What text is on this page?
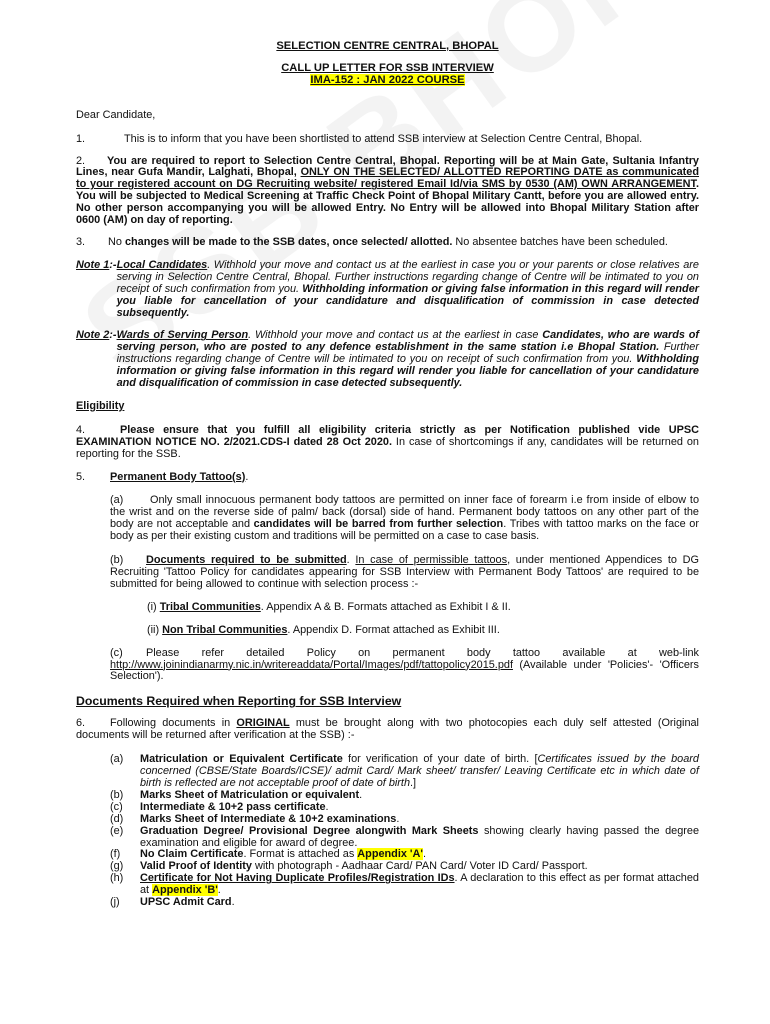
SELECTION CENTRE CENTRAL, BHOPAL

CALL UP LETTER FOR SSB INTERVIEW

IMA-152 : JAN 2022 COURSE

Dear Candidate,

1.	This is to inform that you have been shortlisted to attend SSB interview at Selection Centre Central, Bhopal.

2. You are required to report to Selection Centre Central, Bhopal. Reporting will be at Main Gate, Sultania Infantry Lines, near Gufa Mandir, Lalghati, Bhopal, ONLY ON THE SELECTED/ ALLOTTED REPORTING DATE as communicated to your registered account on DG Recruiting website/ registered Email Id/via SMS by 0530 (AM) OWN ARRANGEMENT. You will be subjected to Medical Screening at Traffic Check Point of Bhopal Military Cantt, before you are allowed entry. No other person accompanying you will be allowed Entry. No Entry will be allowed into Bhopal Military Station after 0600 (AM) on day of reporting.

3. No changes will be made to the SSB dates, once selected/ allotted. No absentee batches have been scheduled.

Note 1:- Local Candidates. Withhold your move and contact us at the earliest in case you or your parents or close relatives are serving in Selection Centre Central, Bhopal. Further instructions regarding change of Centre will be intimated to you on receipt of such confirmation from you. Withholding information or giving false information in this regard will render you liable for cancellation of your candidature and disqualification of commission in case detected subsequently.
Note 2:- Wards of Serving Person. Withhold your move and contact us at the earliest in case Candidates, who are wards of serving person, who are posted to any defence establishment in the same station i.e Bhopal Station. Further instructions regarding change of Centre will be intimated to you on receipt of such confirmation from you. Withholding information or giving false information in this regard will render you liable for cancellation of your candidature and disqualification of commission in case detected subsequently.

Eligibility

4.	Please ensure that you fulfill all eligibility criteria strictly as per Notification published vide UPSC EXAMINATION NOTICE NO. 2/2021.CDS-I dated 28 Oct 2020. In case of shortcomings if any, candidates will be returned on reporting for the SSB.

5. Permanent Body Tattoo(s).

(a) Only small innocuous permanent body tattoos are permitted on inner face of forearm i.e from inside of elbow to the wrist and on the reverse side of palm/ back (dorsal) side of hand. Permanent body tattoos on any other part of the body are not acceptable and candidates will be barred from further selection. Tribes with tattoo marks on the face or body as per their existing custom and traditions will be permitted on a case to case basis.

(b) Documents required to be submitted. In case of permissible tattoos, under mentioned Appendices to DG Recruiting 'Tattoo Policy for candidates appearing for SSB Interview with Permanent Body Tattoos' are required to be submitted for being allowed to continue with selection process :-

(i) Tribal Communities. Appendix A & B. Formats attached as Exhibit I & II.

(ii) Non Tribal Communities. Appendix D. Format attached as Exhibit III.

(c) Please refer detailed Policy on permanent body tattoo available at web-link http://www.joinindianarmy.nic.in/writereaddata/Portal/Images/pdf/tattopolicy2015.pdf (Available under 'Policies'- 'Officers Selection').

Documents Required when Reporting for SSB Interview

6. Following documents in ORIGINAL must be brought along with two photocopies each duly self attested (Original documents will be returned after verification at the SSB) :-

(a)	Matriculation or Equivalent Certificate for verification of your date of birth. [Certificates issued by the board concerned (CBSE/State Boards/ICSE)/ admit Card/ Mark sheet/ transfer/ Leaving Certificate etc in which date of birth is reflected are not acceptable proof of date of birth.]
(b)	Marks Sheet of Matriculation or equivalent.
(c)	Intermediate & 10+2 pass certificate.
(d)	Marks Sheet of Intermediate & 10+2 examinations.
(e)	Graduation Degree/ Provisional Degree alongwith Mark Sheets showing clearly having passed the degree examination and eligible for award of degree.
(f)	No Claim Certificate. Format is attached as Appendix 'A'.
(g)	Valid Proof of Identity with photograph - Aadhaar Card/ PAN Card/ Voter ID Card/ Passport.
(h)	Certificate for Not Having Duplicate Profiles/Registration IDs. A declaration to this effect as per format attached at Appendix 'B'.
(j)	UPSC Admit Card.
